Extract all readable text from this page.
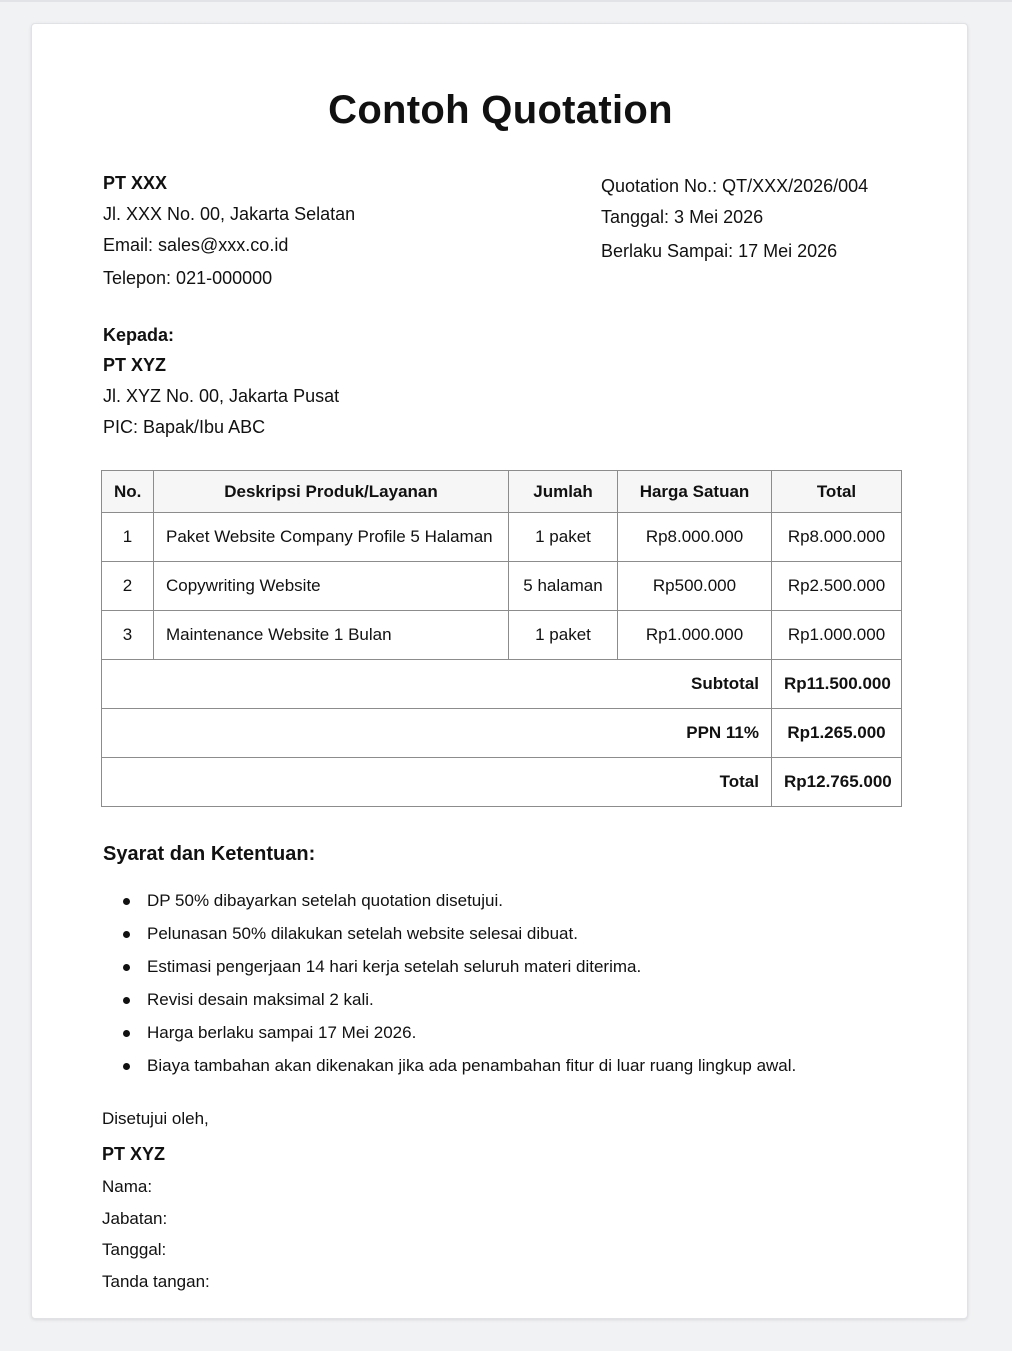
Contoh Quotation
PT XXX
Jl. XXX No. 00, Jakarta Selatan
Email: sales@xxx.co.id
Telepon: 021-000000
Quotation No.: QT/XXX/2026/004
Tanggal: 3 Mei 2026
Berlaku Sampai: 17 Mei 2026
Kepada:
PT XYZ
Jl. XYZ No. 00, Jakarta Pusat
PIC: Bapak/Ibu ABC
No.	Deskripsi Produk/Layanan	Jumlah	Harga Satuan	Total
1	Paket Website Company Profile 5 Halaman	1 paket	Rp8.000.000	Rp8.000.000
2	Copywriting Website	5 halaman	Rp500.000	Rp2.500.000
3	Maintenance Website 1 Bulan	1 paket	Rp1.000.000	Rp1.000.000
Subtotal				Rp11.500.000
PPN 11%				Rp1.265.000
Total				Rp12.765.000
Syarat dan Ketentuan:
DP 50% dibayarkan setelah quotation disetujui.
Pelunasan 50% dilakukan setelah website selesai dibuat.
Estimasi pengerjaan 14 hari kerja setelah seluruh materi diterima.
Revisi desain maksimal 2 kali.
Harga berlaku sampai 17 Mei 2026.
Biaya tambahan akan dikenakan jika ada penambahan fitur di luar ruang lingkup awal.
Disetujui oleh,
PT XYZ
Nama:
Jabatan:
Tanggal:
Tanda tangan:
